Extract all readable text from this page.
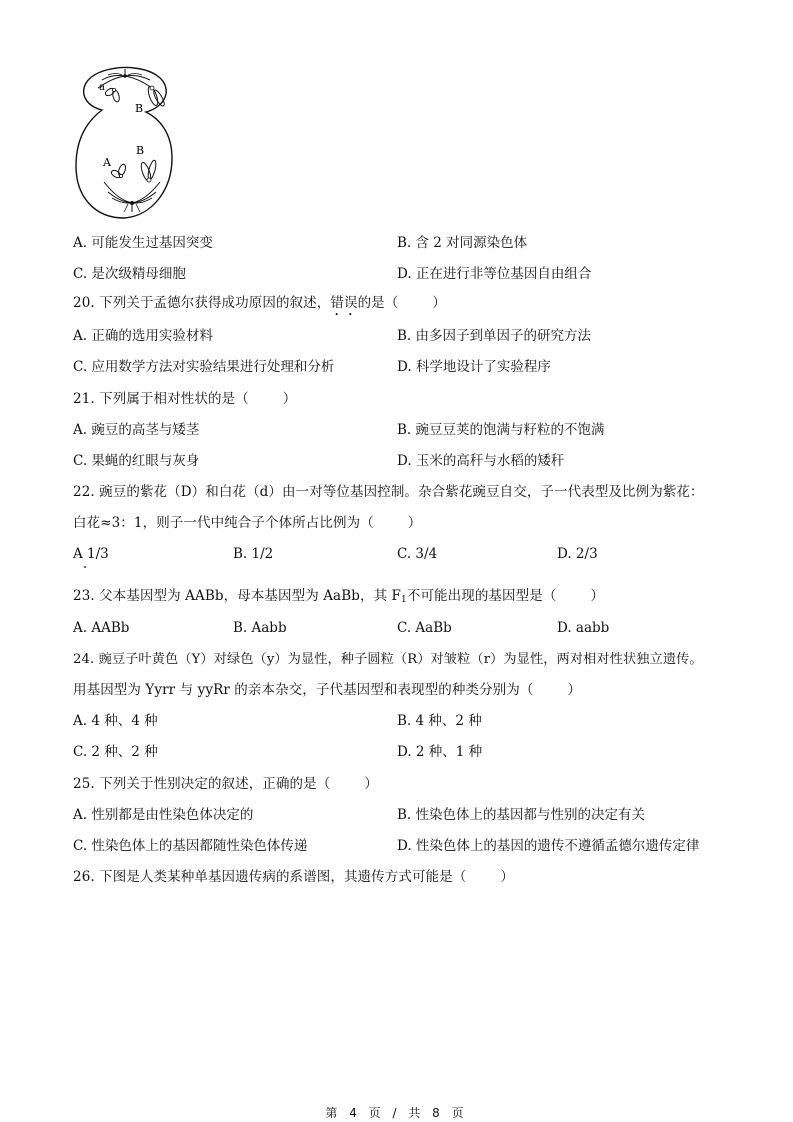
a
B
A
B
A. 可能发生过基因突变	B. 含 2 对同源染色体
C. 是次级精母细胞	D. 正在进行非等位基因自由组合
20. 下列关于孟德尔获得成功原因的叙述，错误的是（	）
A. 正确的选用实验材料	B. 由多因子到单因子的研究方法
C. 应用数学方法对实验结果进行处理和分析	D. 科学地设计了实验程序
21. 下列属于相对性状的是（	）
A. 豌豆的高茎与矮茎	B. 豌豆豆荚的饱满与籽粒的不饱满
C. 果蝇的红眼与灰身	D. 玉米的高秆与水稻的矮秆
22. 豌豆的紫花（D）和白花（d）由一对等位基因控制。杂合紫花豌豆自交，子一代表型及比例为紫花：
白花≈3：1，则子一代中纯合子个体所占比例为（	）
A 1/3	B. 1/2	C. 3/4	D. 2/3
23. 父本基因型为 AABb，母本基因型为 AaBb，其 $F_1$不可能出现的基因型是（	）
A. AABb	B. Aabb	C. AaBb	D. aabb
24. 豌豆子叶黄色（Y）对绿色（y）为显性，种子圆粒（R）对皱粒（r）为显性，两对相对性状独立遗传。
用基因型为 Yyrr 与 yyRr 的亲本杂交，子代基因型和表现型的种类分别为（	）
A. 4 种、4 种	B. 4 种、2 种
C. 2 种、2 种	D. 2 种、1 种
25. 下列关于性别决定的叙述，正确的是（	）
A. 性别都是由性染色体决定的	B. 性染色体上的基因都与性别的决定有关
C. 性染色体上的基因都随性染色体传递	D. 性染色体上的基因的遗传不遵循孟德尔遗传定律
26. 下图是人类某种单基因遗传病的系谱图，其遗传方式可能是（	）
第 4 页 / 共 8 页
